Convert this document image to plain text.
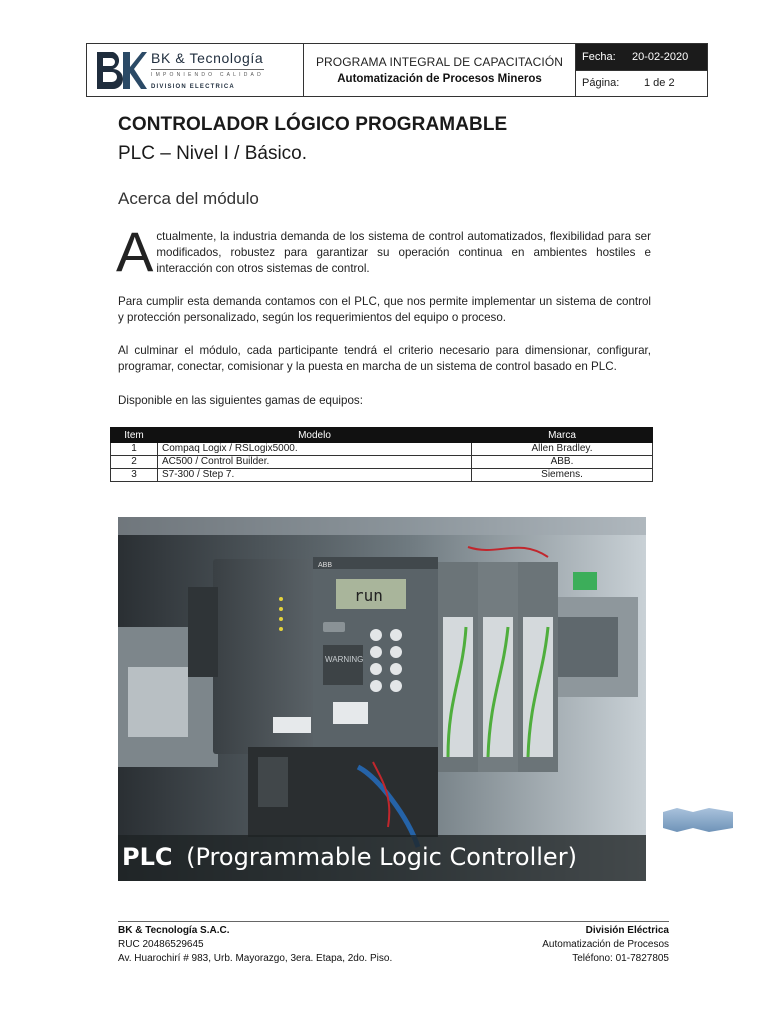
BK & Tecnología
IMPONIENDO CALIDAD
DIVISION ELECTRICA
PROGRAMA INTEGRAL DE CAPACITACIÓN
Automatización de Procesos Mineros
Fecha:	20-02-2020
Página:	1 de 2
CONTROLADOR LÓGICO PROGRAMABLE
PLC – Nivel I / Básico.
Acerca del módulo
A ctualmente, la industria demanda de los sistema de control automatizados, flexibilidad para ser modificados, robustez para garantizar su operación continua en ambientes hostiles e interacción con otros sistemas de control.
Para cumplir esta demanda contamos con el PLC, que nos permite implementar un sistema de control y protección personalizado, según los requerimientos del equipo o proceso.
Al culminar el módulo, cada participante tendrá el criterio necesario para dimensionar, configurar, programar, conectar, comisionar y la puesta en marcha de un sistema de control basado en PLC.
Disponible en las siguientes gamas de equipos:
Item	Modelo	Marca
1	Compaq Logix / RSLogix5000.	Allen Bradley.
2	AC500 / Control Builder.	ABB.
3	S7-300 / Step 7.	Siemens.
ABB
run
WARNING
PLC (Programmable Logic Controller)
BK & Tecnología S.A.C.
RUC 20486529645
Av. Huarochirí # 983, Urb. Mayorazgo, 3era. Etapa, 2do. Piso.
División Eléctrica
Automatización de Procesos
Teléfono: 01-7827805
